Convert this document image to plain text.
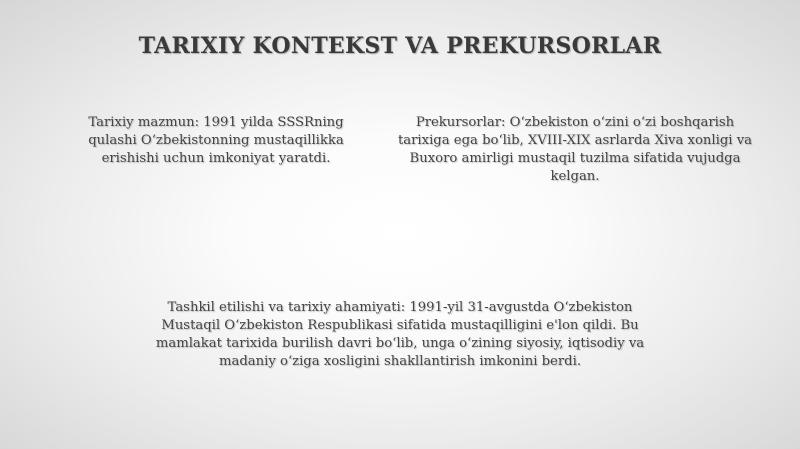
TARIXIY KONTEKST VA PREKURSORLAR
Tarixiy mazmun: 1991 yilda SSSRning qulashi O‘zbekistonning mustaqillikka erishishi uchun imkoniyat yaratdi.
Prekursorlar: O‘zbekiston o‘zini o‘zi boshqarish tarixiga ega bo‘lib, XVIII-XIX asrlarda Xiva xonligi va Buxoro amirligi mustaqil tuzilma sifatida vujudga kelgan.
Tashkil etilishi va tarixiy ahamiyati: 1991-yil 31-avgustda O‘zbekiston Mustaqil O‘zbekiston Respublikasi sifatida mustaqilligini e'lon qildi. Bu mamlakat tarixida burilish davri bo‘lib, unga o‘zining siyosiy, iqtisodiy va madaniy o‘ziga xosligini shakllantirish imkonini berdi.
